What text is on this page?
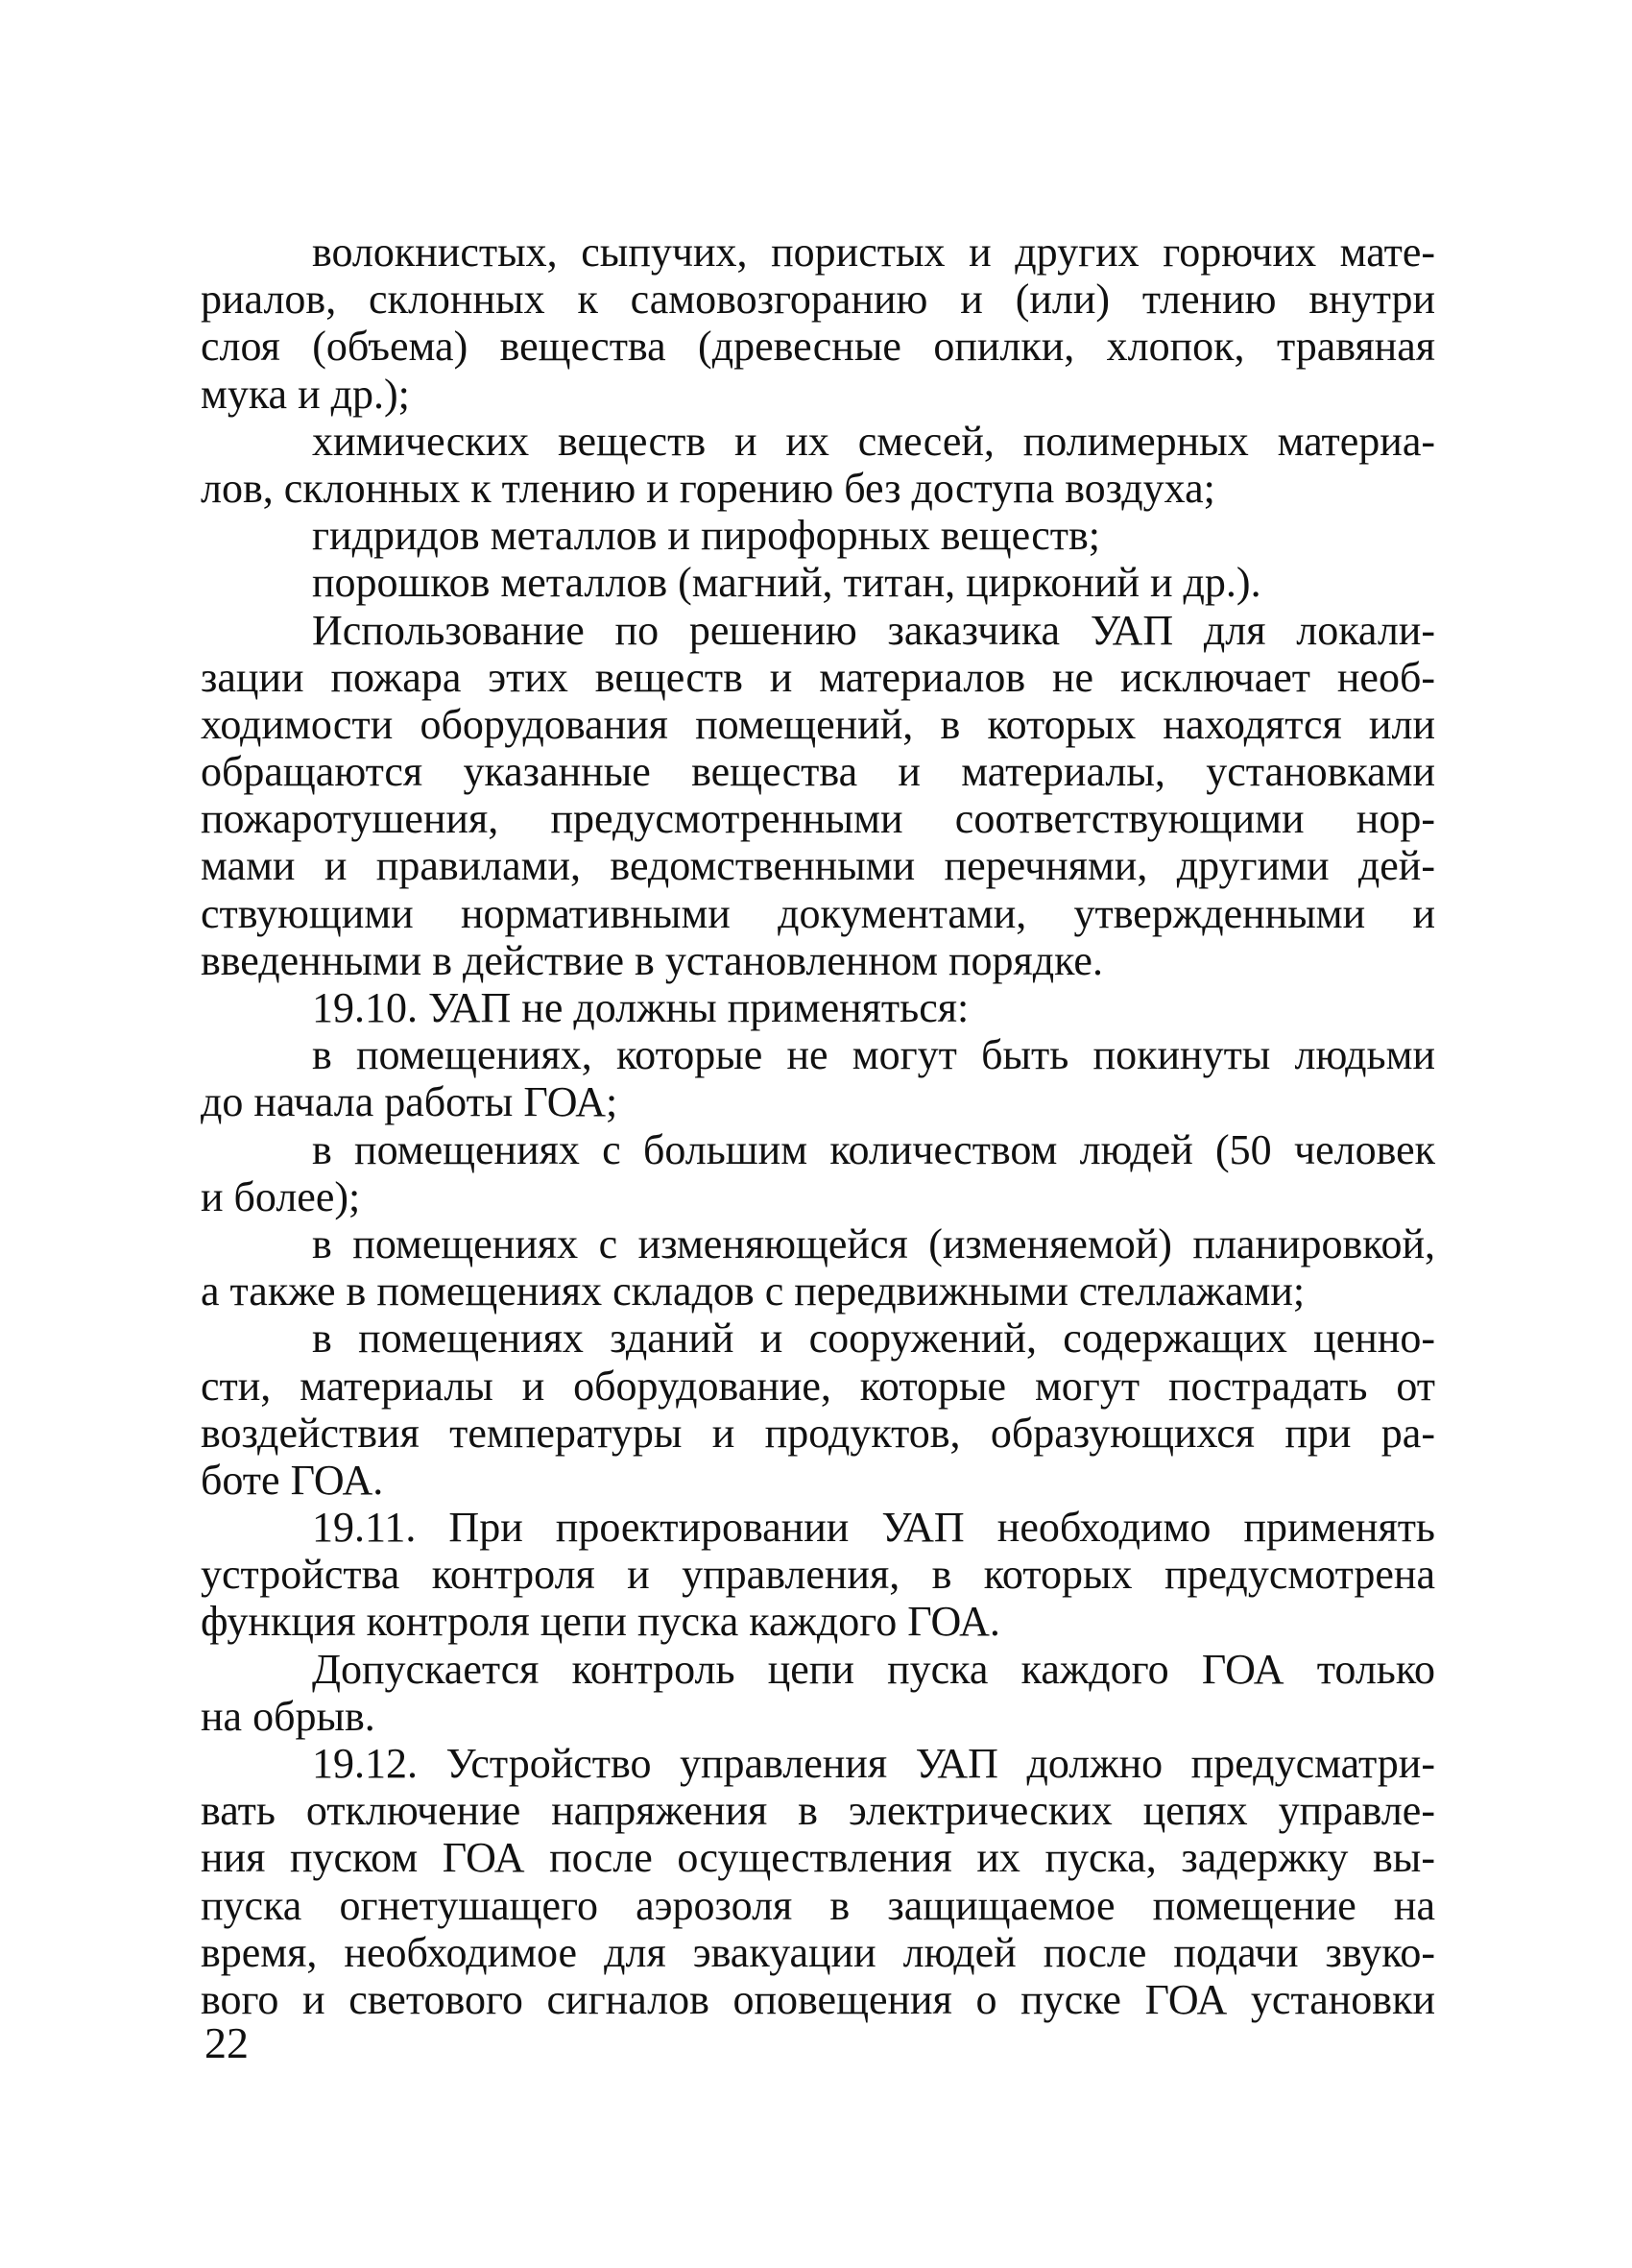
волокнистых, сыпучих, пористых и других горючих мате-
риалов, склонных к самовозгоранию и (или) тлению внутри
слоя (объема) вещества (древесные опилки, хлопок, травяная
мука и др.);
химических веществ и их смесей, полимерных материа-
лов, склонных к тлению и горению без доступа воздуха;
гидридов металлов и пирофорных веществ;
порошков металлов (магний, титан, цирконий и др.).
Использование по решению заказчика УАП для локали-
зации пожара этих веществ и материалов не исключает необ-
ходимости оборудования помещений, в которых находятся или
обращаются указанные вещества и материалы, установками
пожаротушения, предусмотренными соответствующими нор-
мами и правилами, ведомственными перечнями, другими дей-
ствующими нормативными документами, утвержденными и
введенными в действие в установленном порядке.
19.10. УАП не должны применяться:
в помещениях, которые не могут быть покинуты людьми
до начала работы ГОА;
в помещениях с большим количеством людей (50 человек
и более);
в помещениях с изменяющейся (изменяемой) планировкой,
а также в помещениях складов с передвижными стеллажами;
в помещениях зданий и сооружений, содержащих ценно-
сти, материалы и оборудование, которые могут пострадать от
воздействия температуры и продуктов, образующихся при ра-
боте ГОА.
19.11. При проектировании УАП необходимо применять
устройства контроля и управления, в которых предусмотрена
функция контроля цепи пуска каждого ГОА.
Допускается контроль цепи пуска каждого ГОА только
на обрыв.
19.12. Устройство управления УАП должно предусматри-
вать отключение напряжения в электрических цепях управле-
ния пуском ГОА после осуществления их пуска, задержку вы-
пуска огнетушащего аэрозоля в защищаемое помещение на
время, необходимое для эвакуации людей после подачи звуко-
вого и светового сигналов оповещения о пуске ГОА установки
22
